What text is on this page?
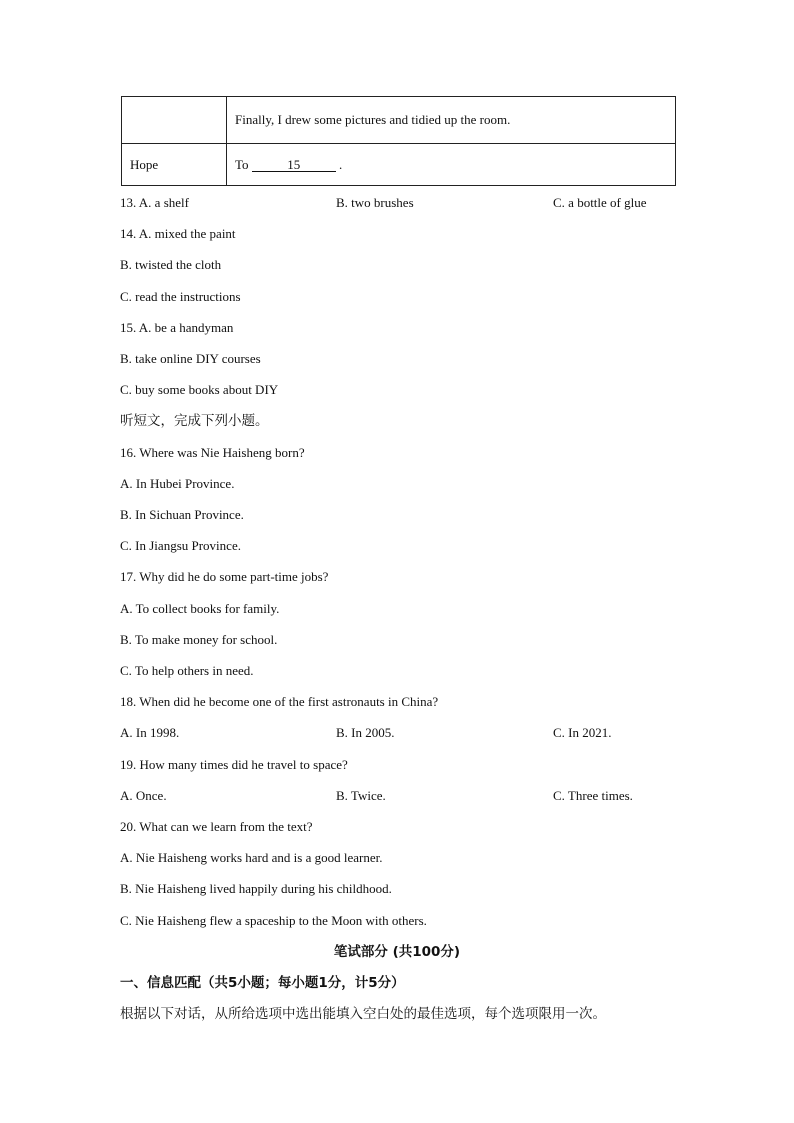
	Finally, I drew some pictures and tidied up the room.
Hope	To 15 .
13. A. a shelf	B. two brushes	C. a bottle of glue
14. A. mixed the paint
B. twisted the cloth
C. read the instructions
15. A. be a handyman
B. take online DIY courses
C. buy some books about DIY
听短文，完成下列小题。
16. Where was Nie Haisheng born?
A. In Hubei Province.
B. In Sichuan Province.
C. In Jiangsu Province.
17. Why did he do some part-time jobs?
A. To collect books for family.
B. To make money for school.
C. To help others in need.
18. When did he become one of the first astronauts in China?
A. In 1998.	B. In 2005.	C. In 2021.
19. How many times did he travel to space?
A. Once.	B. Twice.	C. Three times.
20. What can we learn from the text?
A. Nie Haisheng works hard and is a good learner.
B. Nie Haisheng lived happily during his childhood.
C. Nie Haisheng flew a spaceship to the Moon with others.
笔试部分 (共100分)
一、信息匹配（共5小题；每小题1分，计5分）
根据以下对话，从所给选项中选出能填入空白处的最佳选项，每个选项限用一次。
